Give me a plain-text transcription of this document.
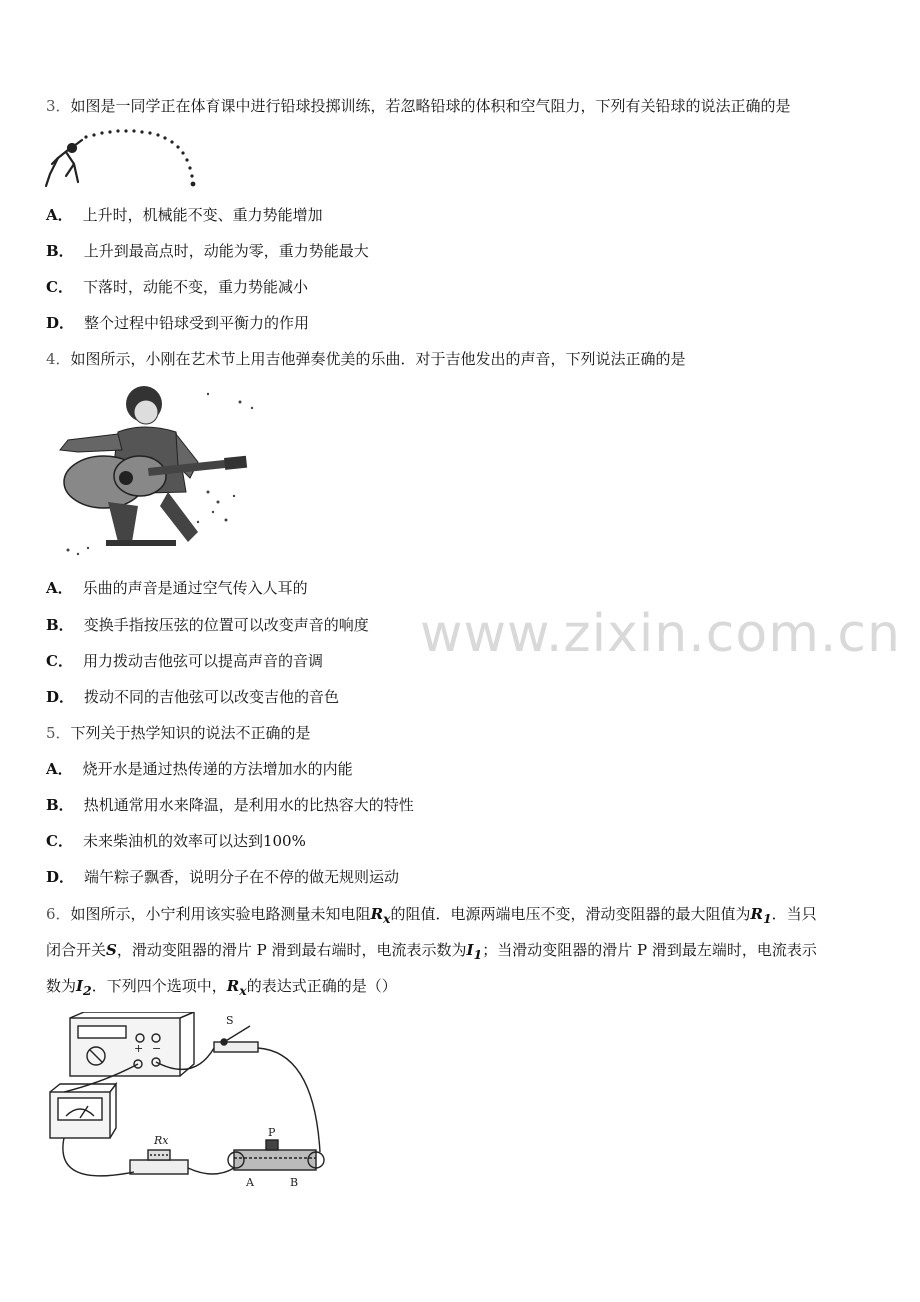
www.zixin.com.cn
3．如图是一同学正在体育课中进行铅球投掷训练，若忽略铅球的体积和空气阻力，下列有关铅球的说法正确的是
A． 上升时，机械能不变、重力势能增加
B． 上升到最高点时，动能为零，重力势能最大
C． 下落时，动能不变，重力势能减小
D． 整个过程中铅球受到平衡力的作用
4．如图所示，小刚在艺术节上用吉他弹奏优美的乐曲．对于吉他发出的声音，下列说法正确的是
A． 乐曲的声音是通过空气传入人耳的
B． 变换手指按压弦的位置可以改变声音的响度
C． 用力拨动吉他弦可以提高声音的音调
D． 拨动不同的吉他弦可以改变吉他的音色
5．下列关于热学知识的说法不正确的是
A． 烧开水是通过热传递的方法增加水的内能
B． 热机通常用水来降温，是利用水的比热容大的特性
C． 未来柴油机的效率可以达到100%
D． 端午粽子飘香，说明分子在不停的做无规则运动
6．如图所示，小宁利用该实验电路测量未知电阻$R_x$的阻值．电源两端电压不变，滑动变阻器的最大阻值为$R_1$．当只
闭合开关S，滑动变阻器的滑片 P 滑到最右端时，电流表示数为$I_1$；当滑动变阻器的滑片 P 滑到最左端时，电流表示
数为$I_2$．下列四个选项中，$R_x$的表达式正确的是（）
S
P
A	B
Rx
+ −
